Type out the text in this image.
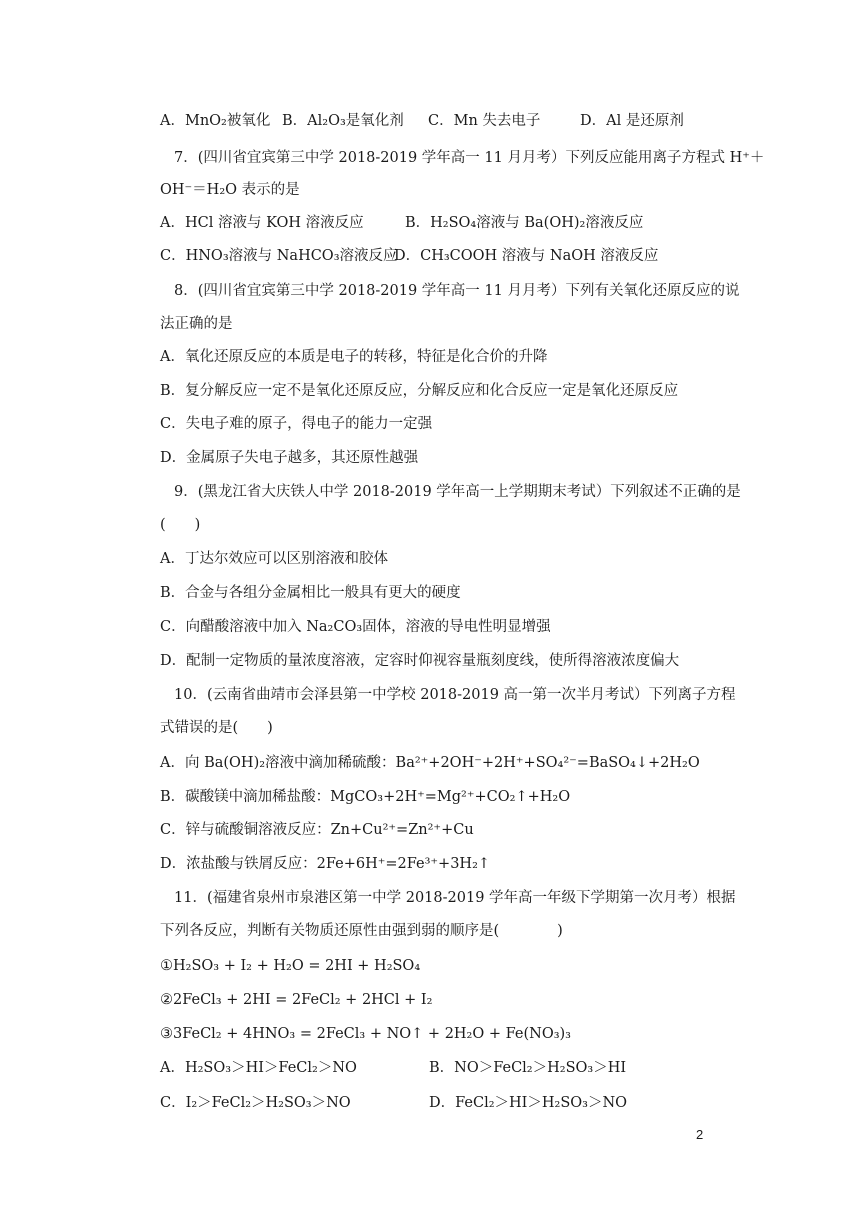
A．MnO₂被氧化 B．Al₂O₃是氧化剂 C．Mn 失去电子	D．Al 是还原剂
7．(四川省宜宾第三中学 2018-2019 学年高一 11 月月考）下列反应能用离子方程式 H⁺＋
OH⁻＝H₂O 表示的是
A．HCl 溶液与 KOH 溶液反应	B．H₂SO₄溶液与 Ba(OH)₂溶液反应
C．HNO₃溶液与 NaHCO₃溶液反应
D．CH₃COOH 溶液与 NaOH 溶液反应
8．(四川省宜宾第三中学 2018-2019 学年高一 11 月月考）下列有关氧化还原反应的说
法正确的是
A．氧化还原反应的本质是电子的转移，特征是化合价的升降
B．复分解反应一定不是氧化还原反应，分解反应和化合反应一定是氧化还原反应
C．失电子难的原子，得电子的能力一定强
D．金属原子失电子越多，其还原性越强
9．(黑龙江省大庆铁人中学 2018-2019 学年高一上学期期末考试）下列叙述不正确的是
(　　)
A．丁达尔效应可以区别溶液和胶体
B．合金与各组分金属相比一般具有更大的硬度
C．向醋酸溶液中加入 Na₂CO₃固体，溶液的导电性明显增强
D．配制一定物质的量浓度溶液，定容时仰视容量瓶刻度线，使所得溶液浓度偏大
10．(云南省曲靖市会泽县第一中学校 2018-2019 高一第一次半月考试）下列离子方程
式错误的是(　　)
A．向 Ba(OH)₂溶液中滴加稀硫酸：Ba²⁺+2OH⁻+2H⁺+SO₄²⁻=BaSO₄↓+2H₂O
B．碳酸镁中滴加稀盐酸：MgCO₃+2H⁺=Mg²⁺+CO₂↑+H₂O
C．锌与硫酸铜溶液反应：Zn+Cu²⁺=Zn²⁺+Cu
D．浓盐酸与铁屑反应：2Fe+6H⁺=2Fe³⁺+3H₂↑
11．(福建省泉州市泉港区第一中学 2018-2019 学年高一年级下学期第一次月考）根据
下列各反应，判断有关物质还原性由强到弱的顺序是(　　　　)
①H₂SO₃ + I₂ + H₂O = 2HI + H₂SO₄
②2FeCl₃ + 2HI = 2FeCl₂ + 2HCl + I₂
③3FeCl₂ + 4HNO₃ = 2FeCl₃ + NO↑ + 2H₂O + Fe(NO₃)₃
A．H₂SO₃＞HI＞FeCl₂＞NO	B．NO＞FeCl₂＞H₂SO₃＞HI
C．I₂＞FeCl₂＞H₂SO₃＞NO	D．FeCl₂＞HI＞H₂SO₃＞NO
2
